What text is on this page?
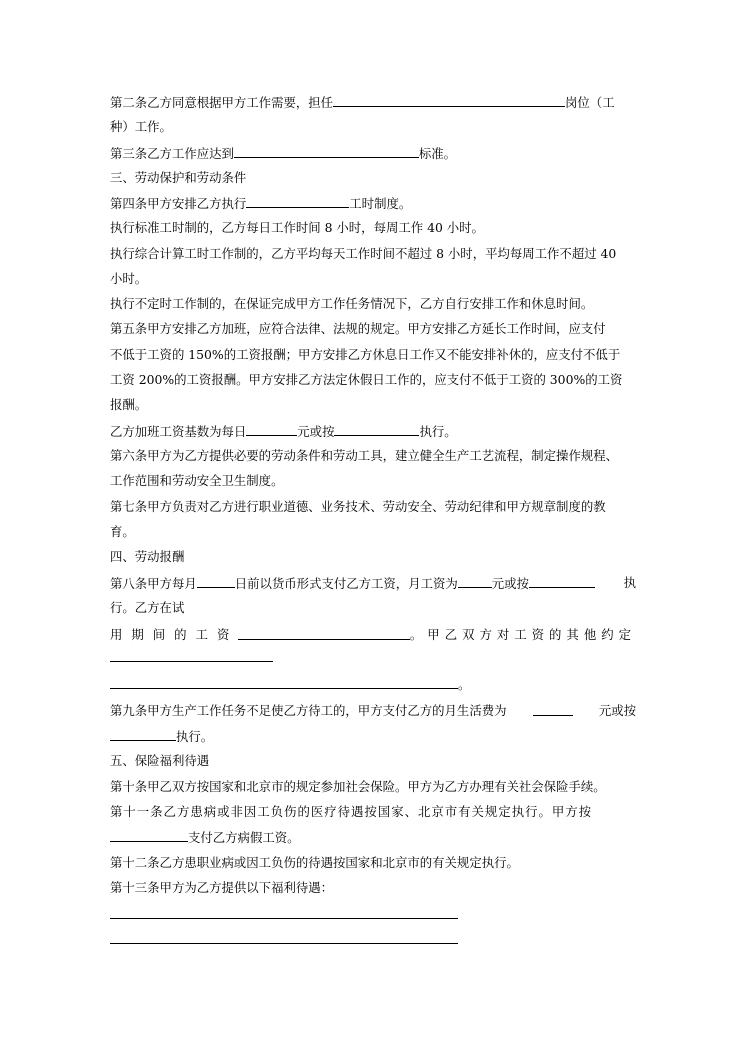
第二条乙方同意根据甲方工作需要，担任	岗位（工
种）工作。
第三条乙方工作应达到	标准。
三、劳动保护和劳动条件
第四条甲方安排乙方执行	工时制度。
执行标准工时制的，乙方每日工作时间 8 小时，每周工作 40 小时。
执行综合计算工时工作制的，乙方平均每天工作时间不超过 8 小时，平均每周工作不超过 40
小时。
执行不定时工作制的，在保证完成甲方工作任务情况下，乙方自行安排工作和休息时间。
第五条甲方安排乙方加班，应符合法律、法规的规定。甲方安排乙方延长工作时间，应支付
不低于工资的 150%的工资报酬；甲方安排乙方休息日工作又不能安排补休的，应支付不低于
工资 200%的工资报酬。甲方安排乙方法定休假日工作的，应支付不低于工资的 300%的工资
报酬。
乙方加班工资基数为每日	元或按	执行。
第六条甲方为乙方提供必要的劳动条件和劳动工具，建立健全生产工艺流程，制定操作规程、
工作范围和劳动安全卫生制度。
第七条甲方负责对乙方进行职业道德、业务技术、劳动安全、劳动纪律和甲方规章制度的教
育。
四、劳动报酬
第八条甲方每月	日前以货币形式支付乙方工资，月工资为	元或按	执
行。乙方在试
用期间的工资	。甲乙双方对工资的其他约定
。
第九条甲方生产工作任务不足使乙方待工的，甲方支付乙方的月生活费为	元或按
执行。
五、保险福利待遇
第十条甲乙双方按国家和北京市的规定参加社会保险。甲方为乙方办理有关社会保险手续。
第十一条乙方患病或非因工负伤的医疗待遇按国家、北京市有关规定执行。甲方按
支付乙方病假工资。
第十二条乙方患职业病或因工负伤的待遇按国家和北京市的有关规定执行。
第十三条甲方为乙方提供以下福利待遇：
